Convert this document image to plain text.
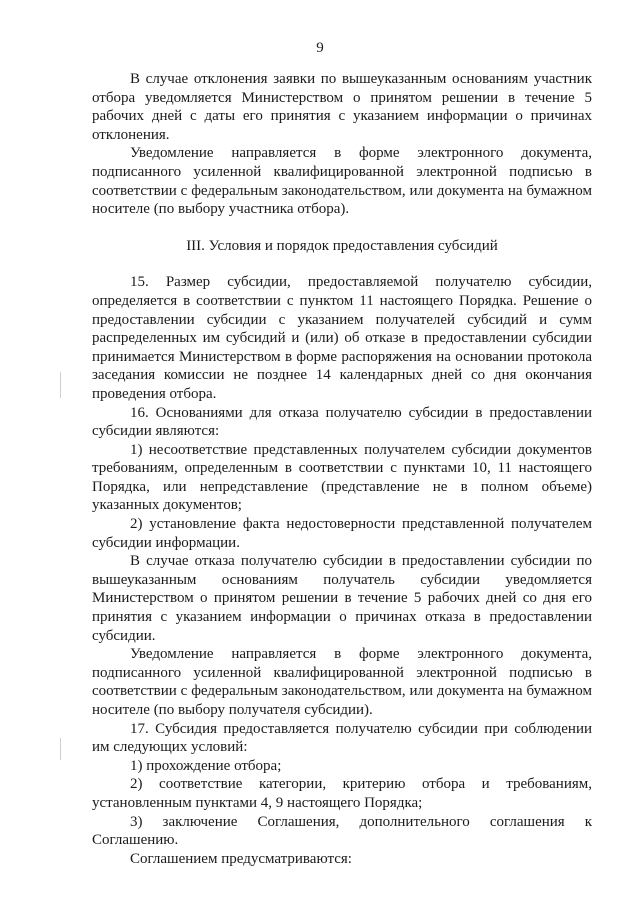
9

В случае отклонения заявки по вышеуказанным основаниям участник отбора уведомляется Министерством о принятом решении в течение 5 рабочих дней с даты его принятия с указанием информации о причинах отклонения.

Уведомление направляется в форме электронного документа, подписанного усиленной квалифицированной электронной подписью в соответствии с федеральным законодательством, или документа на бумажном носителе (по выбору участника отбора).

III. Условия и порядок предоставления субсидий

15. Размер субсидии, предоставляемой получателю субсидии, определяется в соответствии с пунктом 11 настоящего Порядка. Решение о предоставлении субсидии с указанием получателей субсидий и сумм распределенных им субсидий и (или) об отказе в предоставлении субсидии принимается Министерством в форме распоряжения на основании протокола заседания комиссии не позднее 14 календарных дней со дня окончания проведения отбора.

16. Основаниями для отказа получателю субсидии в предоставлении субсидии являются:

1) несоответствие представленных получателем субсидии документов требованиям, определенным в соответствии с пунктами 10, 11 настоящего Порядка, или непредставление (представление не в полном объеме) указанных документов;

2) установление факта недостоверности представленной получателем субсидии информации.

В случае отказа получателю субсидии в предоставлении субсидии по вышеуказанным основаниям получатель субсидии уведомляется Министерством о принятом решении в течение 5 рабочих дней со дня его принятия с указанием информации о причинах отказа в предоставлении субсидии.

Уведомление направляется в форме электронного документа, подписанного усиленной квалифицированной электронной подписью в соответствии с федеральным законодательством, или документа на бумажном носителе (по выбору получателя субсидии).

17. Субсидия предоставляется получателю субсидии при соблюдении им следующих условий:

1) прохождение отбора;

2) соответствие категории, критерию отбора и требованиям, установленным пунктами 4, 9 настоящего Порядка;

3) заключение Соглашения, дополнительного соглашения к Соглашению.

Соглашением предусматриваются:
